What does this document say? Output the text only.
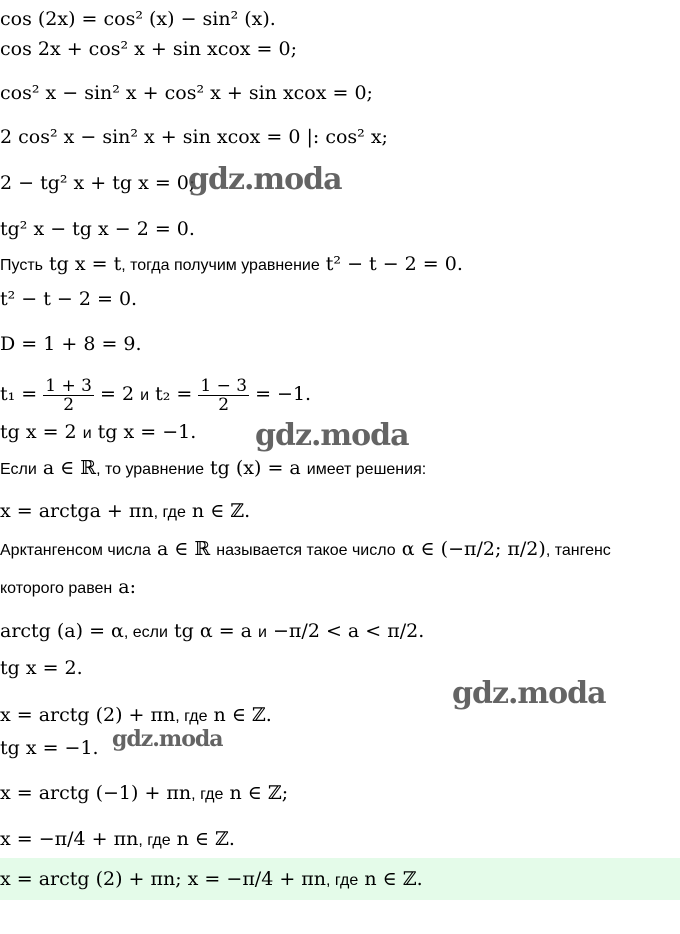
cos (2x) = cos² (x) − sin² (x).
cos 2x + cos² x + sin xcox = 0;
cos² x − sin² x + cos² x + sin xcox = 0;
2 cos² x − sin² x + sin xcox = 0 |: cos² x;
2 − tg² x + tg x = 0;
tg² x − tg x − 2 = 0.
Пусть tg x = t, тогда получим уравнение t² − t − 2 = 0.
t² − t − 2 = 0.
D = 1 + 8 = 9.
$t_1 = \frac{1 + 3}{2} = 2$ и $t_2 = \frac{1 - 3}{2} = -1$.
tg x = 2 и tg x = −1.
Если a ∈ ℝ, то уравнение tg (x) = a имеет решения:
x = arctga + πn, где n ∈ ℤ.
Арктангенсом числа a ∈ ℝ называется такое число α ∈ (−π/2; π/2), тангенс
которого равен a:
arctg (a) = α, если tg α = a и −π/2 < a < π/2.
tg x = 2.
x = arctg (2) + πn, где n ∈ ℤ.
tg x = −1.
x = arctg (−1) + πn, где n ∈ ℤ;
x = −π/4 + πn, где n ∈ ℤ.
x = arctg (2) + πn; x = −π/4 + πn, где n ∈ ℤ.
gdz.moda
gdz.moda
gdz.moda
gdz.moda
